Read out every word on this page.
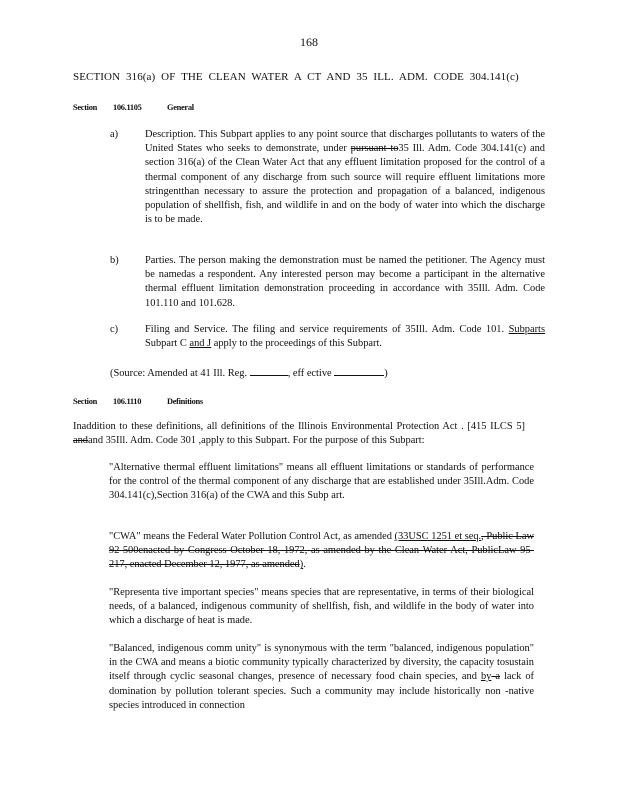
168
SECTION 316(a) OF THE CLEAN WATER A CT AND 35 ILL. ADM. CODE 304.141(c)
Section 106.1105	General
a)	Description. This Subpart applies to any point source that discharges pollutants to waters of the United States who seeks to demonstrate, under pursuant to35 Ill. Adm. Code 304.141(c) and section 316(a) of the Clean Water Act that any effluent limitation proposed for the control of a thermal component of any discharge from such source will require effluent limitations more stringentthan necessary to assure the protection and propagation of a balanced, indigenous population of shellfish, fish, and wildlife in and on the body of water into which the discharge is to be made.

b)	Parties. The person making the demonstration must be named the petitioner. The Agency must be namedas a respondent. Any interested person may become a participant in the alternative thermal effluent limitation demonstration proceeding in accordance with 35Ill. Adm. Code 101.110 and 101.628.

c)	Filing and Service. The filing and service requirements of 35Ill. Adm. Code 101. Subparts Subpart C and J apply to the proceedings of this Subpart.

(Source: Amended at 41 Ill. Reg.	, eff ective	)
Section 106.1110	Definitions
Inaddition to these definitions, all definitions of the Illinois Environmental Protection Act . [415 ILCS 5] andand 35Ill. Adm. Code 301 ,apply to this Subpart. For the purpose of this Subpart:
"Alternative thermal effluent limitations" means all effluent limitations or standards of performance for the control of the thermal component of any discharge that are established under 35Ill.Adm. Code 304.141(c),Section 316(a) of the CWA and this Subp art.
"CWA" means the Federal Water Pollution Control Act, as amended (33USC 1251 et seq., Public Law 92-500enacted by Congress October 18, 1972, as amended by the Clean Water Act, PublicLaw 95-217, enacted December 12, 1977, as amended).
"Representa tive important species" means species that are representative, in terms of their biological needs, of a balanced, indigenous community of shellfish, fish, and wildlife in the body of water into which a discharge of heat is made.
"Balanced, indigenous comm unity" is synonymous with the term "balanced, indigenous population" in the CWA and means a biotic community typically characterized by diversity, the capacity tosustain itself through cyclic seasonal changes, presence of necessary food chain species, and by a lack of domination by pollution tolerant species. Such a community may include historically non -native species introduced in connection
